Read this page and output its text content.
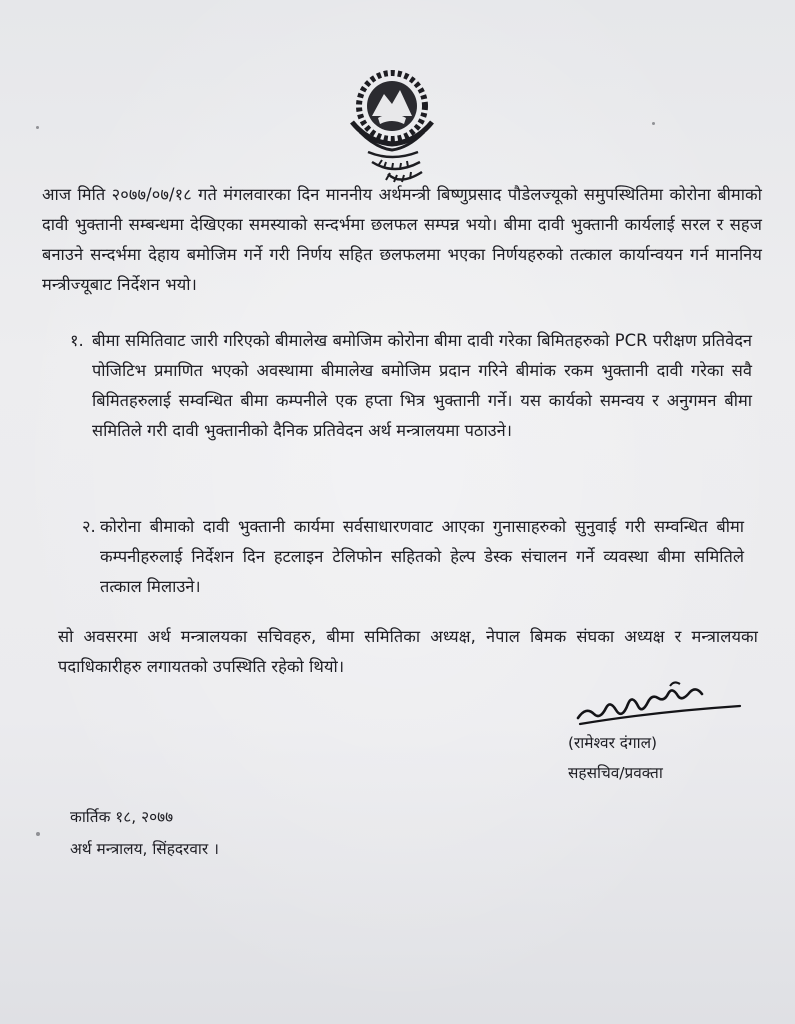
आज मिति २०७७/०७/१८ गते मंगलवारका दिन माननीय अर्थमन्त्री बिष्णुप्रसाद पौडेलज्यूको समुपस्थितिमा कोरोना बीमाको दावी भुक्तानी सम्बन्धमा देखिएका समस्याको सन्दर्भमा छलफल सम्पन्न भयो। बीमा दावी भुक्तानी कार्यलाई सरल र सहज बनाउने सन्दर्भमा देहाय बमोजिम गर्ने गरी निर्णय सहित छलफलमा भएका निर्णयहरुको तत्काल कार्यान्वयन गर्न माननिय मन्त्रीज्यूबाट निर्देशन भयो।
१. बीमा समितिवाट जारी गरिएको बीमालेख बमोजिम कोरोना बीमा दावी गरेका बिमितहरुको PCR परीक्षण प्रतिवेदन पोजिटिभ प्रमाणित भएको अवस्थामा बीमालेख बमोजिम प्रदान गरिने बीमांक रकम भुक्तानी दावी गरेका सवै बिमितहरुलाई सम्वन्धित बीमा कम्पनीले एक हप्ता भित्र भुक्तानी गर्ने। यस कार्यको समन्वय र अनुगमन बीमा समितिले गरी दावी भुक्तानीको दैनिक प्रतिवेदन अर्थ मन्त्रालयमा पठाउने।
२. कोरोना बीमाको दावी भुक्तानी कार्यमा सर्वसाधारणवाट आएका गुनासाहरुको सुनुवाई गरी सम्वन्धित बीमा कम्पनीहरुलाई निर्देशन दिन हटलाइन टेलिफोन सहितको हेल्प डेस्क संचालन गर्ने व्यवस्था बीमा समितिले तत्काल मिलाउने।
सो अवसरमा अर्थ मन्त्रालयका सचिवहरु, बीमा समितिका अध्यक्ष, नेपाल बिमक संघका अध्यक्ष र मन्त्रालयका पदाधिकारीहरु लगायतको उपस्थिति रहेको थियो।
(रामेश्वर दंगाल)
सहसचिव/प्रवक्ता
कार्तिक १८, २०७७
अर्थ मन्त्रालय, सिंहदरवार ।
